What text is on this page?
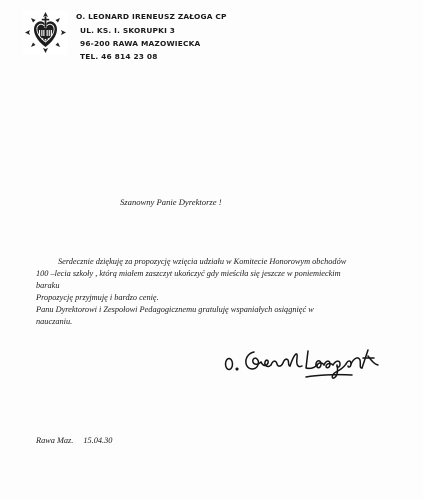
O. LEONARD IRENEUSZ ZAŁOGA CP
UL. KS. I. SKORUPKI 3
96-200 RAWA MAZOWIECKA
TEL. 46 814 23 08
Szanowny Panie Dyrektorze !
Serdecznie dziękuję za propozycję wzięcia udziału w Komitecie Honorowym obchodów
100 –lecia szkoły , którą miałem zaszczyt ukończyć gdy mieściła się jeszcze w poniemieckim
baraku
Propozycję przyjmuję i bardzo cenię.
Panu Dyrektorowi i Zespołowi Pedagogicznemu gratuluję wspaniałych osiągnięć w
nauczaniu.
Rawa Maz. 15.04.30
